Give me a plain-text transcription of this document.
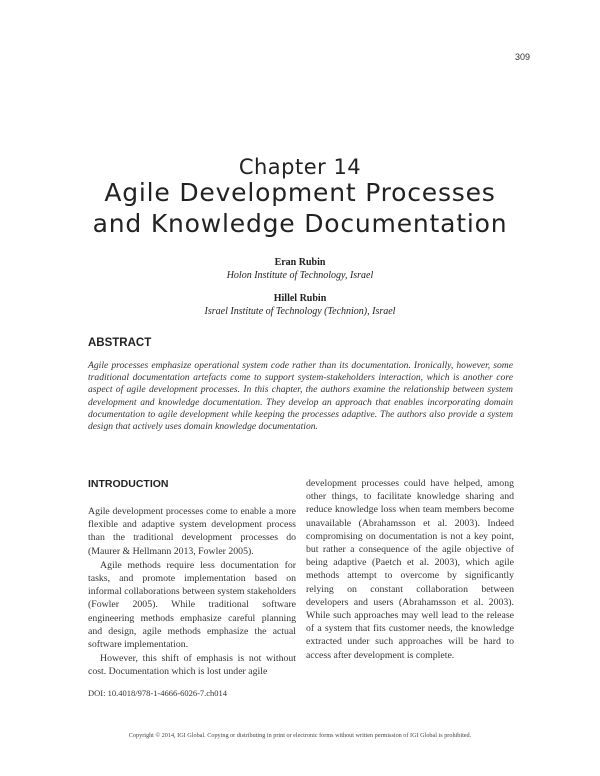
309
Chapter 14
Agile Development Processes
and Knowledge Documentation
Eran Rubin
Holon Institute of Technology, Israel
Hillel Rubin
Israel Institute of Technology (Technion), Israel
ABSTRACT
Agile processes emphasize operational system code rather than its documentation. Ironically, however, some traditional documentation artefacts come to support system-stakeholders interaction, which is another core aspect of agile development processes. In this chapter, the authors examine the relationship between system development and knowledge documentation. They develop an approach that enables incorporating domain documentation to agile development while keeping the processes adaptive. The authors also provide a system design that actively uses domain knowledge documentation.
INTRODUCTION

Agile development processes come to enable a more flexible and adaptive system development process than the traditional development processes do (Maurer & Hellmann 2013, Fowler 2005).

Agile methods require less documentation for tasks, and promote implementation based on informal collaborations between system stakeholders (Fowler 2005). While traditional software engineering methods emphasize careful planning and design, agile methods emphasize the actual software implementation.

However, this shift of emphasis is not without cost. Documentation which is lost under agile

development processes could have helped, among other things, to facilitate knowledge sharing and reduce knowledge loss when team members become unavailable (Abrahamsson et al. 2003). Indeed compromising on documentation is not a key point, but rather a consequence of the agile objective of being adaptive (Paetch et al. 2003), which agile methods attempt to overcome by significantly relying on constant collaboration between developers and users (Abrahamsson et al. 2003). While such approaches may well lead to the release of a system that fits customer needs, the knowledge extracted under such approaches will be hard to access after development is complete.

DOI: 10.4018/978-1-4666-6026-7.ch014
Copyright © 2014, IGI Global. Copying or distributing in print or electronic forms without written permission of IGI Global is prohibited.
